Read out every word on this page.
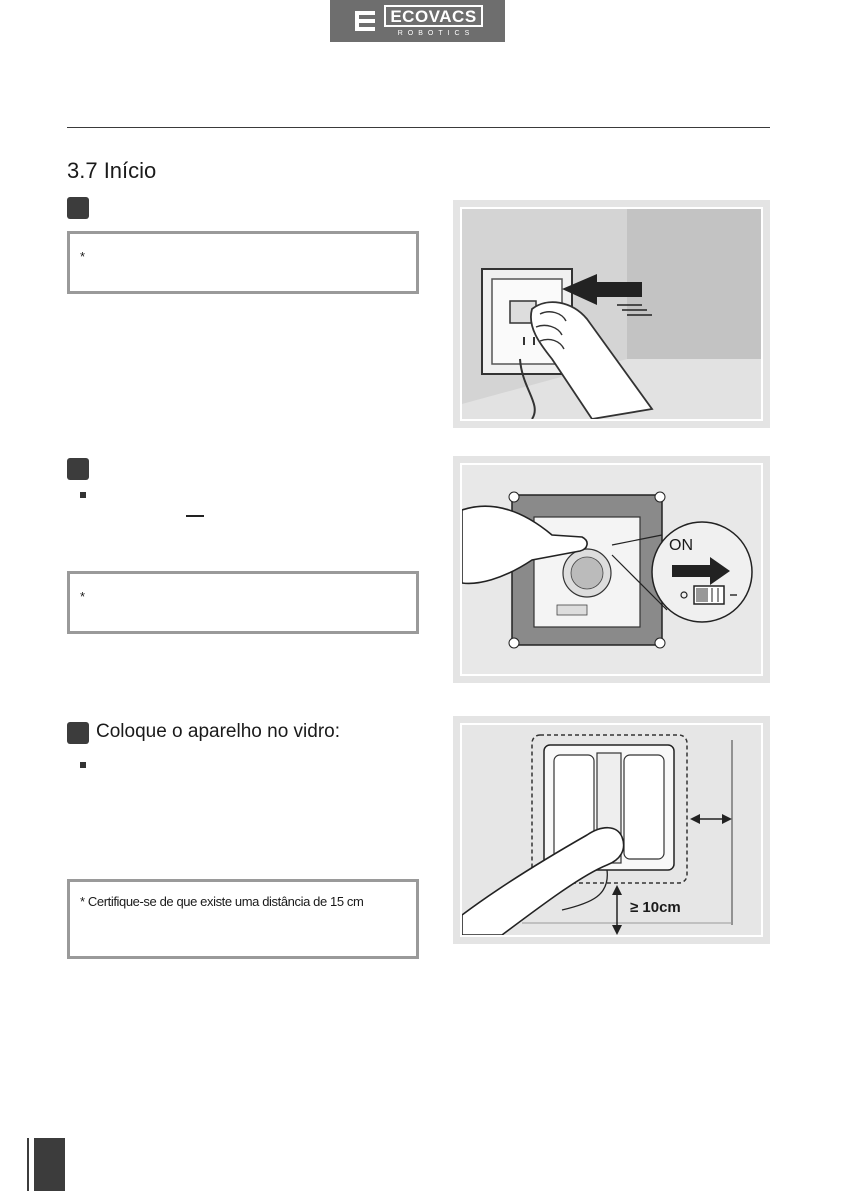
ECOVACS
ROBOTICS
3.7 Início
*
*
ON
Coloque o aparelho no vidro:
* Certifique-se de que existe uma distância de 15 cm	≥ 10cm
